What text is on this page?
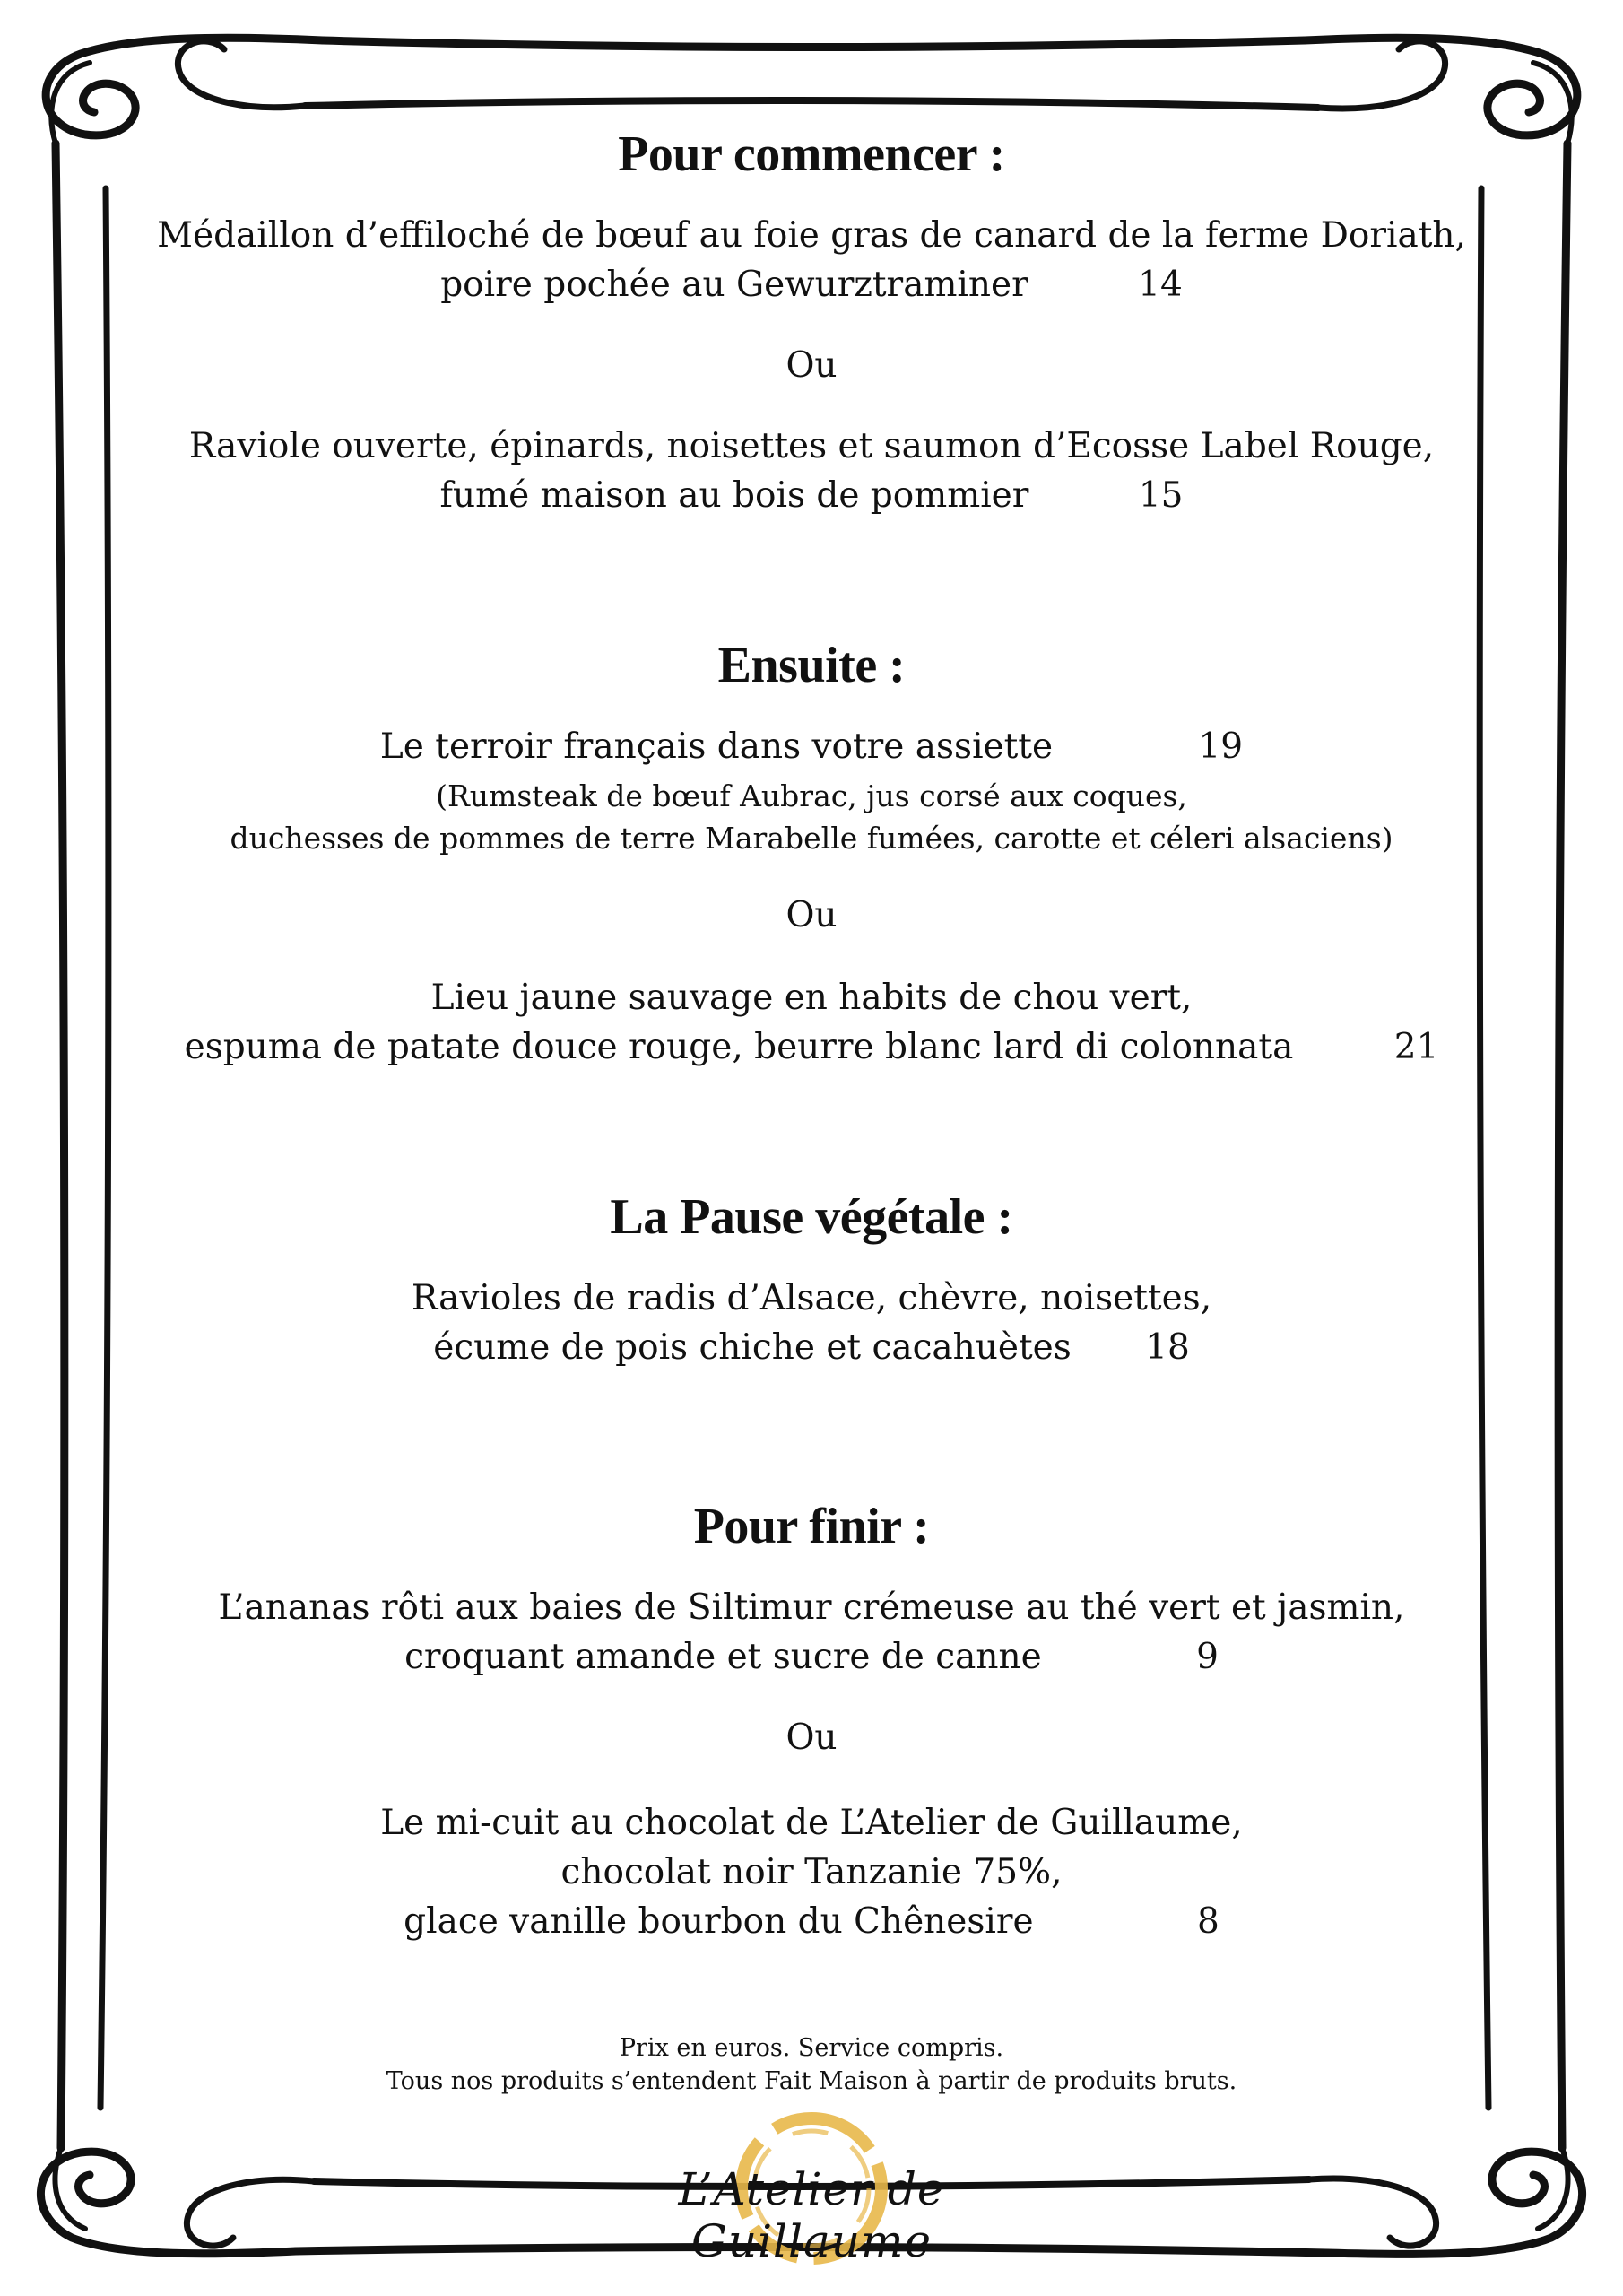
Pour commencer :
Médaillon d’effiloché de bœuf au foie gras de canard de la ferme Doriath,
poire pochée au Gewurztraminer	14
Ou
Raviole ouverte, épinards, noisettes et saumon d’Ecosse Label Rouge,
fumé maison au bois de pommier	15
Ensuite :
Le terroir français dans votre assiette	19
(Rumsteak de bœuf Aubrac, jus corsé aux coques,
duchesses de pommes de terre Marabelle fumées, carotte et céleri alsaciens)
Ou
Lieu jaune sauvage en habits de chou vert,
espuma de patate douce rouge, beurre blanc lard di colonnata	21
La Pause végétale :
Ravioles de radis d’Alsace, chèvre, noisettes,
écume de pois chiche et cacahuètes 18
Pour finir :
L’ananas rôti aux baies de Siltimur crémeuse au thé vert et jasmin,
croquant amande et sucre de canne	9
Ou
Le mi-cuit au chocolat de L’Atelier de Guillaume,
chocolat noir Tanzanie 75%,
glace vanille bourbon du Chênesire	8
Prix en euros. Service compris.
Tous nos produits s’entendent Fait Maison à partir de produits bruts.
L’Atelier de Guillaume
